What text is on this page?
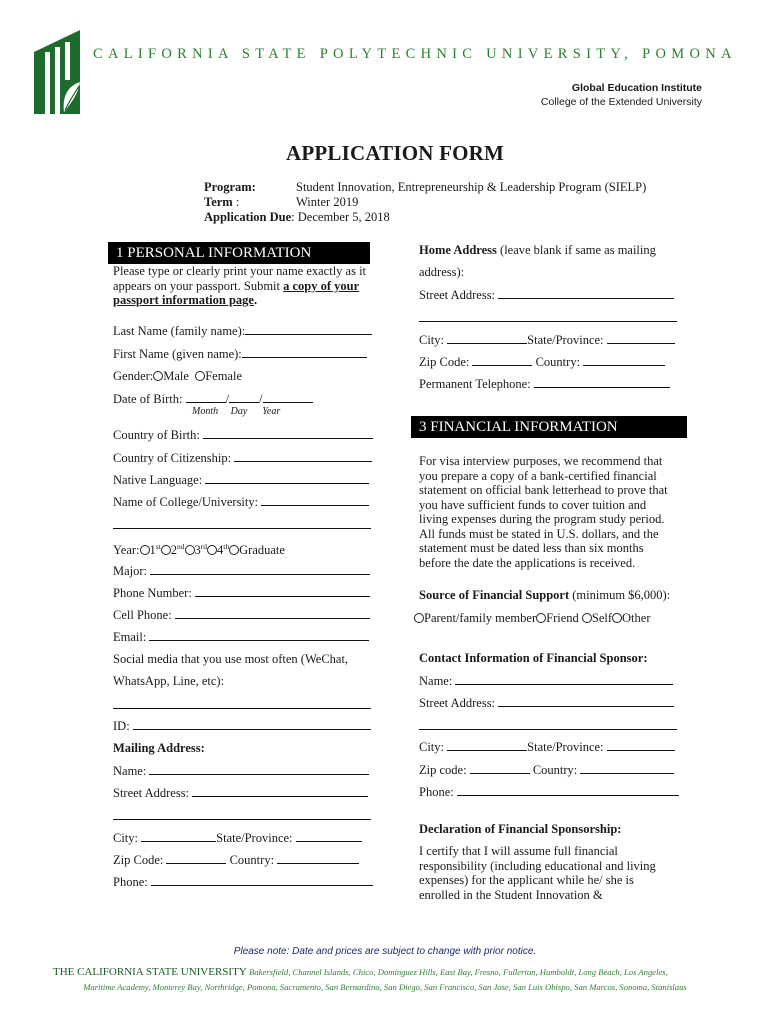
CALIFORNIA STATE POLYTECHNIC UNIVERSITY, POMONA
Global Education Institute
College of the Extended University
APPLICATION FORM
Program:	Student Innovation, Entrepreneurship & Leadership Program (SIELP)
Term :	Winter 2019
Application Due: December 5, 2018
1 PERSONAL INFORMATION
Please type or clearly print your name exactly as it
appears on your passport. Submit a copy of your
passport information page.
Last Name (family name):
First Name (given name):
Gender: Male Female
Date of Birth:	/ /
Month Day Year
Country of Birth:
Country of Citizenship:
Native Language:
Name of College/University:
Year: 1st 2nd 3rd 4th Graduate
Major:
Phone Number:
Cell Phone:
Email:
Social media that you use most often (WeChat,
WhatsApp, Line, etc):
ID:
Mailing Address:
Name:
Street Address:
City:	State/Province:
Zip Code:	Country:
Phone:
Home Address (leave blank if same as mailing
address):
Street Address:
City:	State/Province:
Zip Code:	Country:
Permanent Telephone:
3 FINANCIAL INFORMATION
For visa interview purposes, we recommend that
you prepare a copy of a bank-certified financial
statement on official bank letterhead to prove that
you have sufficient funds to cover tuition and
living expenses during the program study period.
All funds must be stated in U.S. dollars, and the
statement must be dated less than six months
before the date the applications is received.
Source of Financial Support (minimum $6,000):
Parent/family member Friend Self Other
Contact Information of Financial Sponsor:
Name:
Street Address:
City:	State/Province:
Zip code:	Country:
Phone:
Declaration of Financial Sponsorship:
I certify that I will assume full financial
responsibility (including educational and living
expenses) for the applicant while he/ she is
enrolled in the Student Innovation &
Please note: Date and prices are subject to change with prior notice.
THE CALIFORNIA STATE UNIVERSITY Bakersfield, Channel Islands, Chico, Dominguez Hills, East Bay, Fresno, Fullerton, Humboldt, Long Beach, Los Angeles,
Maritime Academy, Monterey Bay, Northridge, Pomona, Sacramento, San Bernardino, San Diego, San Francisco, San Jose, San Luis Obispo, San Marcos, Sonoma, Stanislaus
